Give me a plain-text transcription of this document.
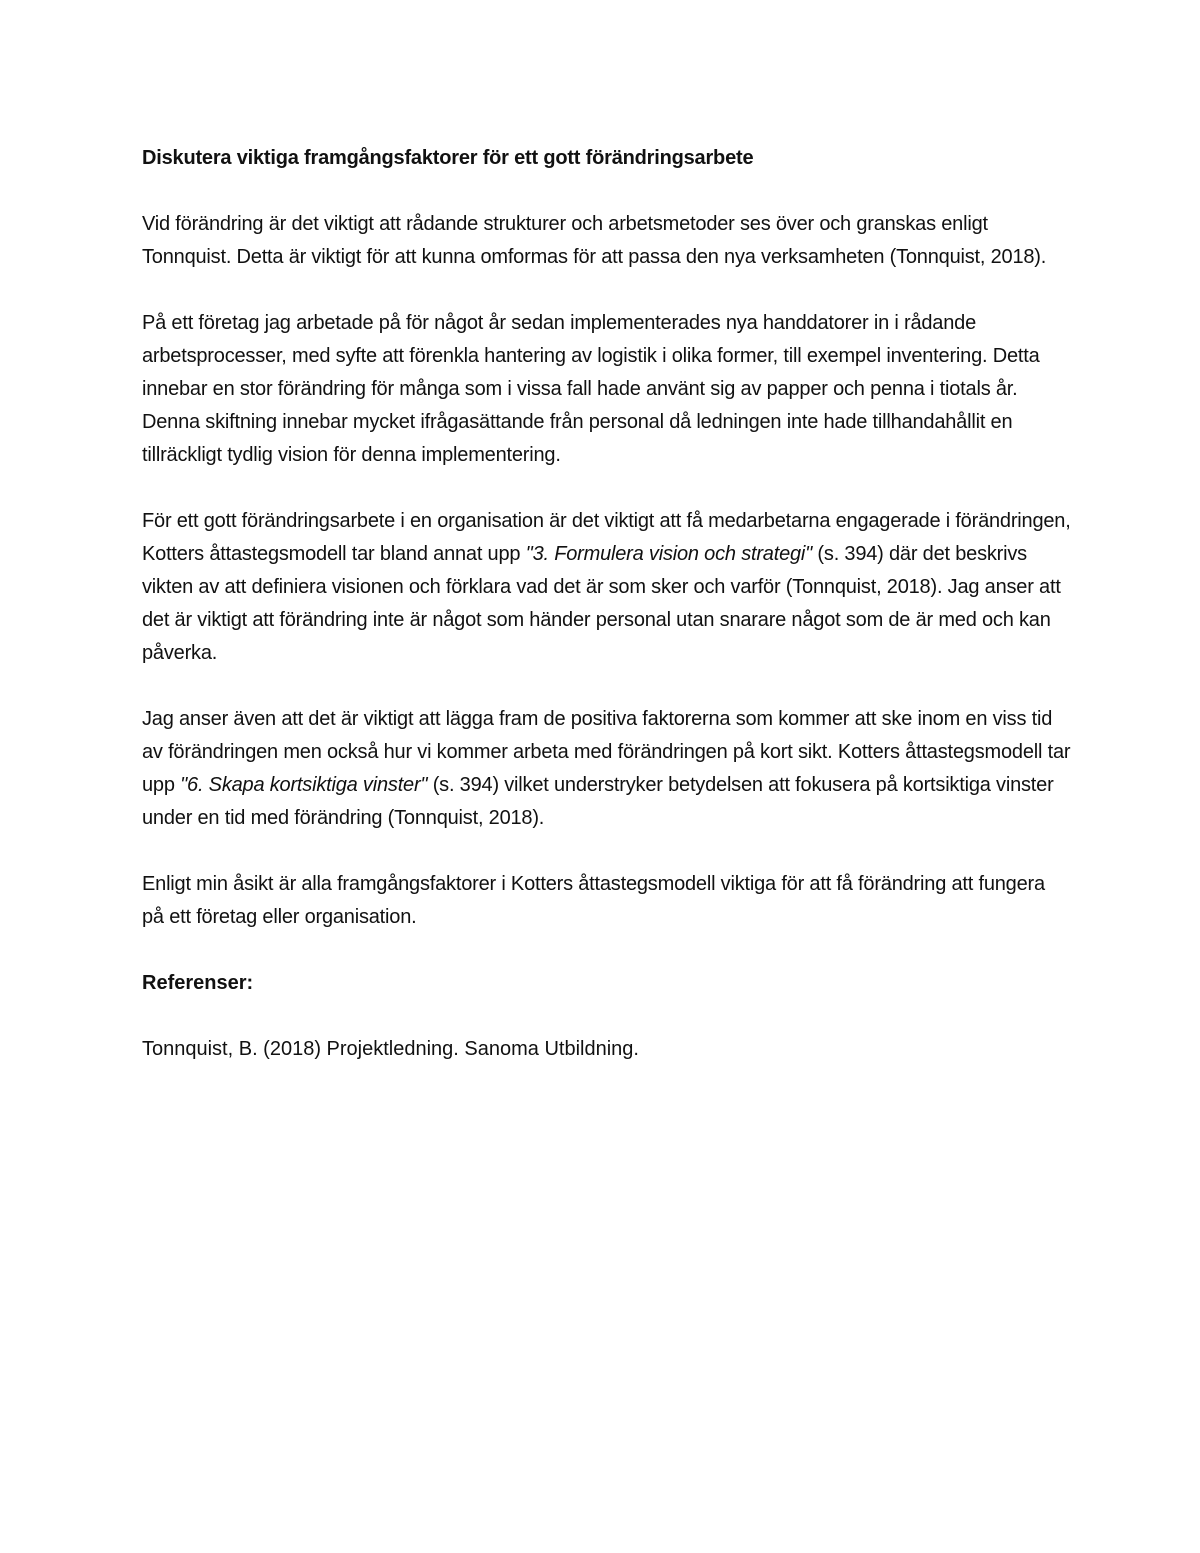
Diskutera viktiga framgångsfaktorer för ett gott förändringsarbete

Vid förändring är det viktigt att rådande strukturer och arbetsmetoder ses över och granskas enligt Tonnquist. Detta är viktigt för att kunna omformas för att passa den nya verksamheten (Tonnquist, 2018).

På ett företag jag arbetade på för något år sedan implementerades nya handdatorer in i rådande arbetsprocesser, med syfte att förenkla hantering av logistik i olika former, till exempel inventering. Detta innebar en stor förändring för många som i vissa fall hade använt sig av papper och penna i tiotals år. Denna skiftning innebar mycket ifrågasättande från personal då ledningen inte hade tillhandahållit en tillräckligt tydlig vision för denna implementering.

För ett gott förändringsarbete i en organisation är det viktigt att få medarbetarna engagerade i förändringen, Kotters åttastegsmodell tar bland annat upp "3. Formulera vision och strategi" (s. 394) där det beskrivs vikten av att definiera visionen och förklara vad det är som sker och varför (Tonnquist, 2018). Jag anser att det är viktigt att förändring inte är något som händer personal utan snarare något som de är med och kan påverka.

Jag anser även att det är viktigt att lägga fram de positiva faktorerna som kommer att ske inom en viss tid av förändringen men också hur vi kommer arbeta med förändringen på kort sikt. Kotters åttastegsmodell tar upp "6. Skapa kortsiktiga vinster" (s. 394) vilket understryker betydelsen att fokusera på kortsiktiga vinster under en tid med förändring (Tonnquist, 2018).

Enligt min åsikt är alla framgångsfaktorer i Kotters åttastegsmodell viktiga för att få förändring att fungera på ett företag eller organisation.

Referenser:

Tonnquist, B. (2018) Projektledning. Sanoma Utbildning.
